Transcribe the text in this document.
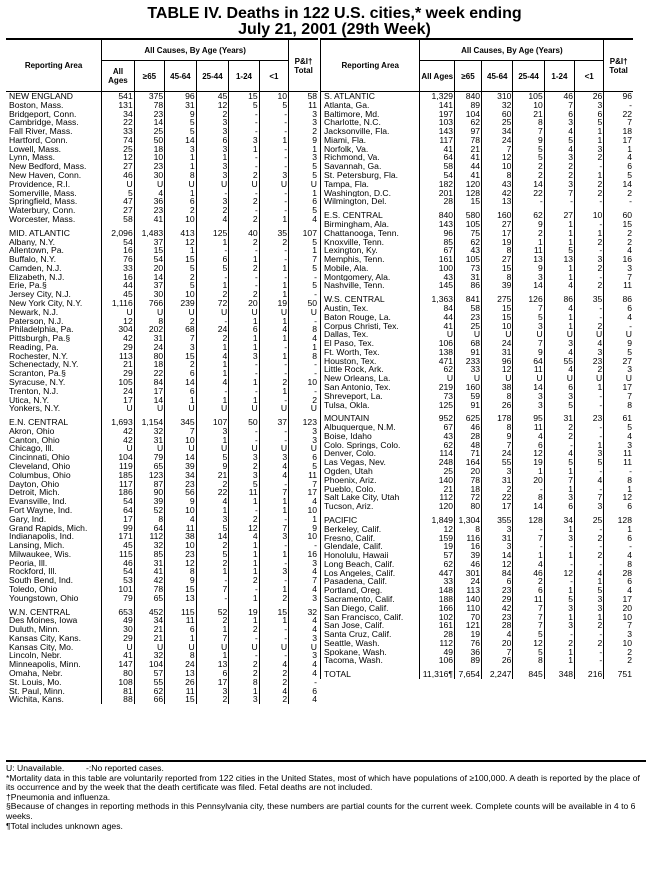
TABLE IV. Deaths in 122 U.S. cities,* week ending
July 21, 2001 (29th Week)
Reporting Area	All Causes, By Age (Years)						P&I† Total
	All Ages	≥65	45-64	25-44	1-24	<1	
NEW ENGLAND	541	375	96	45	15	10	58
Boston, Mass.	131	78	31	12	5	5	11
Bridgeport, Conn.	34	23	9	2	-	-	3
Cambridge, Mass.	22	14	5	3	-	-	3
Fall River, Mass.	33	25	5	3	-	-	2
Hartford, Conn.	74	50	14	6	3	1	9
Lowell, Mass.	25	18	3	3	1	-	1
Lynn, Mass.	12	10	1	1	-	-	3
New Bedford, Mass.	27	23	1	3	-	-	5
New Haven, Conn.	46	30	8	3	2	3	5
Providence, R.I.	U	U	U	U	U	U	U
Somerville, Mass.	5	4	1	-	-	-	1
Springfield, Mass.	47	36	6	3	2	-	6
Waterbury, Conn.	27	23	2	2	-	-	5
Worcester, Mass.	58	41	10	4	2	1	4

MID. ATLANTIC	2,096	1,483	413	125	40	35	107
Albany, N.Y.	54	37	12	1	2	2	5
Allentown, Pa.	16	15	1	-	-	-	1
Buffalo, N.Y.	76	54	15	6	1	-	7
Camden, N.J.	33	20	5	5	2	1	5
Elizabeth, N.J.	16	14	2	-	-	-	-
Erie, Pa.§	44	37	5	1	-	1	5
Jersey City, N.J.	45	30	10	2	2	1	-
New York City, N.Y.	1,116	766	239	72	20	19	50
Newark, N.J.	U	U	U	U	U	U	U
Paterson, N.J.	12	8	2	-	1	1	-
Philadelphia, Pa.	304	202	68	24	6	4	8
Pittsburgh, Pa.§	42	31	7	2	1	1	4
Reading, Pa.	29	24	3	1	1	-	1
Rochester, N.Y.	113	80	15	4	3	1	8
Schenectady, N.Y.	21	18	2	1	-	-	-
Scranton, Pa.§	29	22	6	1	-	-	-
Syracuse, N.Y.	105	84	14	4	1	2	10
Trenton, N.J.	24	17	6	-	-	1	-
Utica, N.Y.	17	14	1	1	1	-	2
Yonkers, N.Y.	U	U	U	U	U	U	U

E.N. CENTRAL	1,693	1,154	345	107	50	37	123
Akron, Ohio	42	32	7	3	-	-	3
Canton, Ohio	42	31	10	1	-	-	3
Chicago, Ill.	U	U	U	U	U	U	U
Cincinnati, Ohio	104	79	14	5	3	3	6
Cleveland, Ohio	119	65	39	9	2	4	5
Columbus, Ohio	185	123	34	21	3	4	11
Dayton, Ohio	117	87	23	2	5	-	7
Detroit, Mich.	186	90	56	22	11	7	17
Evansville, Ind.	54	39	9	4	1	1	4
Fort Wayne, Ind.	64	52	10	1	-	1	10
Gary, Ind.	17	8	4	3	2	-	1
Grand Rapids, Mich.	99	64	11	5	12	7	9
Indianapolis, Ind.	171	112	38	14	4	3	10
Lansing, Mich.	45	32	10	2	1	-	-
Milwaukee, Wis.	115	85	23	5	1	1	16
Peoria, Ill.	46	31	12	2	1	-	3
Rockford, Ill.	54	41	8	1	1	3	4
South Bend, Ind.	53	42	9	-	2	-	7
Toledo, Ohio	101	78	15	7	-	1	4
Youngstown, Ohio	79	65	13	-	1	2	3

W.N. CENTRAL	653	452	115	52	19	15	32
Des Moines, Iowa	49	34	11	2	1	1	4
Duluth, Minn.	30	21	6	1	2	-	4
Kansas City, Kans.	29	21	1	7	-	-	3
Kansas City, Mo.	U	U	U	U	U	U	U
Lincoln, Nebr.	41	32	8	1	-	-	3
Minneapolis, Minn.	147	104	24	13	2	4	4
Omaha, Nebr.	80	57	13	6	2	2	4
St. Louis, Mo.	108	55	26	17	8	2	-
St. Paul, Minn.	81	62	11	3	1	4	6
Wichita, Kans.	88	66	15	2	3	2	4
Reporting Area	All Causes, By Age (Years)						P&I† Total
	All Ages	≥65	45-64	25-44	1-24	<1	
S. ATLANTIC	1,329	840	310	105	46	26	96
Atlanta, Ga.	141	89	32	10	7	3	-
Baltimore, Md.	197	104	60	21	6	6	22
Charlotte, N.C.	103	62	25	8	3	5	7
Jacksonville, Fla.	143	97	34	7	4	1	18
Miami, Fla.	117	78	24	9	5	1	17
Norfolk, Va.	41	21	7	5	4	3	1
Richmond, Va.	64	41	12	5	3	2	4
Savannah, Ga.	58	44	10	2	2	-	6
St. Petersburg, Fla.	54	41	8	2	2	1	5
Tampa, Fla.	182	120	43	14	3	2	14
Washington, D.C.	201	128	42	22	7	2	2
Wilmington, Del.	28	15	13	-	-	-	-

E.S. CENTRAL	840	580	160	62	27	10	60
Birmingham, Ala.	143	105	27	9	1	-	15
Chattanooga, Tenn.	96	75	17	2	1	1	2
Knoxville, Tenn.	85	62	19	1	1	2	2
Lexington, Ky.	67	43	8	11	5	-	4
Memphis, Tenn.	161	105	27	13	13	3	16
Mobile, Ala.	100	73	15	9	1	2	3
Montgomery, Ala.	43	31	8	3	1	-	7
Nashville, Tenn.	145	86	39	14	4	2	11

W.S. CENTRAL	1,363	841	275	126	86	35	86
Austin, Tex.	84	58	15	7	4	-	6
Baton Rouge, La.	44	23	15	5	1	-	4
Corpus Christi, Tex.	41	25	10	3	1	2	-
Dallas, Tex.	U	U	U	U	U	U	U
El Paso, Tex.	106	68	24	7	3	4	9
Ft. Worth, Tex.	138	91	31	9	4	3	5
Houston, Tex.	471	233	96	64	55	23	27
Little Rock, Ark.	62	33	12	11	4	2	3
New Orleans, La.	U	U	U	U	U	U	U
San Antonio, Tex.	219	160	38	14	6	1	17
Shreveport, La.	73	59	8	3	3	-	7
Tulsa, Okla.	125	91	26	3	5	-	8

MOUNTAIN	952	625	178	95	31	23	61
Albuquerque, N.M.	67	46	8	11	2	-	5
Boise, Idaho	43	28	9	4	2	-	4
Colo. Springs, Colo.	62	48	7	6	-	1	3
Denver, Colo.	114	71	24	12	4	3	11
Las Vegas, Nev.	248	164	55	19	5	5	11
Ogden, Utah	25	20	3	1	1	-	-
Phoenix, Ariz.	140	78	31	20	7	4	8
Pueblo, Colo.	21	18	2	-	1	-	1
Salt Lake City, Utah	112	72	22	8	3	7	12
Tucson, Ariz.	120	80	17	14	6	3	6

PACIFIC	1,849	1,304	355	128	34	25	128
Berkeley, Calif.	12	8	3	-	1	-	1
Fresno, Calif.	159	116	31	7	3	2	6
Glendale, Calif.	19	16	3	-	-	-	-
Honolulu, Hawaii	57	39	14	1	1	2	4
Long Beach, Calif.	62	46	12	4	-	-	8
Los Angeles, Calif.	447	301	84	46	12	4	28
Pasadena, Calif.	33	24	6	2	-	1	6
Portland, Oreg.	148	113	23	6	1	5	4
Sacramento, Calif.	188	140	29	11	5	3	17
San Diego, Calif.	166	110	42	7	3	3	20
San Francisco, Calif.	102	70	23	7	1	1	10
San Jose, Calif.	161	121	28	7	3	2	7
Santa Cruz, Calif.	28	19	4	5	-	-	3
Seattle, Wash.	112	76	20	12	2	2	10
Spokane, Wash.	49	36	7	5	1	-	2
Tacoma, Wash.	106	89	26	8	1	-	2

TOTAL	11,316¶	7,654	2,247	845	348	216	751
U: Unavailable.	-:No reported cases.
*Mortality data in this table are voluntarily reported from 122 cities in the United States, most of which have populations of ≥100,000. A death is reported by the place of its occurrence and by the week that the death certificate was filed. Fetal deaths are not included.
†Pneumonia and influenza.
§Because of changes in reporting methods in this Pennsylvania city, these numbers are partial counts for the current week. Complete counts will be available in 4 to 6 weeks.
¶Total includes unknown ages.
